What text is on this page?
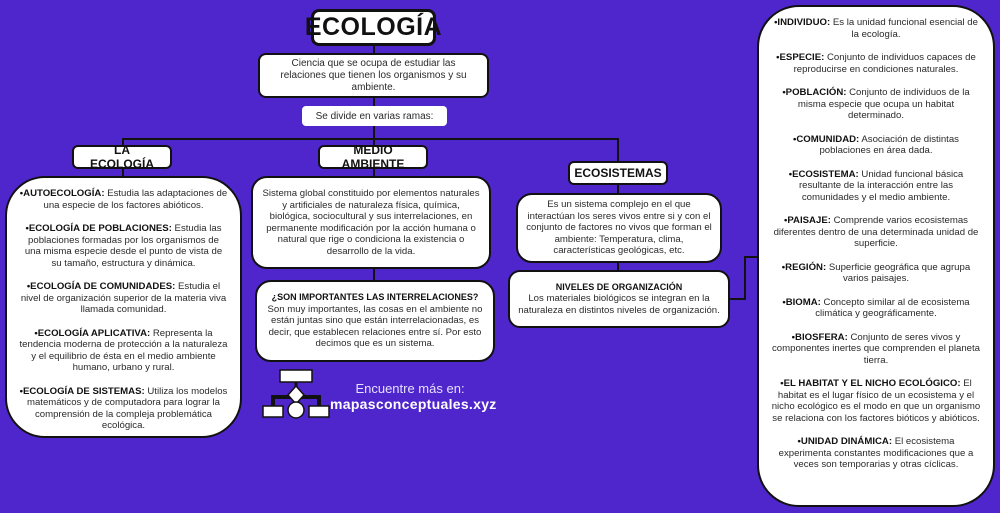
ECOLOGÍA
Ciencia que se ocupa de estudiar las relaciones que tienen los organismos y su ambiente.
Se divide en varias ramas:
LA ECOLOGÍA
MEDIO AMBIENTE
ECOSISTEMAS
•AUTOECOLOGÍA: Estudia las adaptaciones de una especie de los factores abióticos.
•ECOLOGÍA DE POBLACIONES: Estudia las poblaciones formadas por los organismos de una misma especie desde el punto de vista de su tamaño, estructura y dinámica.
•ECOLOGÍA DE COMUNIDADES: Estudia el nivel de organización superior de la materia viva llamada comunidad.
•ECOLOGÍA APLICATIVA: Representa la tendencia moderna de protección a la naturaleza y el equilibrio de ésta en el medio ambiente humano, urbano y rural.
•ECOLOGÍA DE SISTEMAS: Utiliza los modelos matemáticos y de computadora para lograr la comprensión de la compleja problemática ecológica.
Sistema global constituido por elementos naturales y artificiales de naturaleza física, química, biológica, sociocultural y sus interrelaciones, en permanente modificación por la acción humana o natural que rige o condiciona la existencia o desarrollo de la vida.
¿SON IMPORTANTES LAS INTERRELACIONES?
Son muy importantes, las cosas en el ambiente no están juntas sino que están interrelacionadas, es decir, que establecen relaciones entre sí. Por esto decimos que es un sistema.
Es un sistema complejo en el que interactúan los seres vivos entre si y con el conjunto de factores no vivos que forman el ambiente: Temperatura, clima, características geológicas, etc.
NIVELES DE ORGANIZACIÓN
Los materiales biológicos se integran en la naturaleza en distintos niveles de organización.
•INDIVIDUO: Es la unidad funcional esencial de la ecología.
•ESPECIE: Conjunto de individuos capaces de reproducirse en condiciones naturales.
•POBLACIÓN: Conjunto de individuos de la misma especie que ocupa un habitat determinado.
•COMUNIDAD: Asociación de distintas poblaciones en área dada.
•ECOSISTEMA: Unidad funcional básica resultante de la interacción entre las comunidades y el medio ambiente.
•PAISAJE: Comprende varios ecosistemas diferentes dentro de una determinada unidad de superficie.
•REGIÓN: Superficie geográfica que agrupa varios paisajes.
•BIOMA: Concepto similar al de ecosistema climática y geográficamente.
•BIOSFERA: Conjunto de seres vivos y componentes inertes que comprenden el planeta tierra.
•EL HABITAT Y EL NICHO ECOLÓGICO: El habitat es el lugar físico de un ecosistema y el nicho ecológico es el modo en que un organismo se relaciona con los factores bióticos y abióticos.
•UNIDAD DINÁMICA: El ecosistema experimenta constantes modificaciones que a veces son temporarias y otras cíclicas.
Encuentre más en:
mapasconceptuales.xyz
